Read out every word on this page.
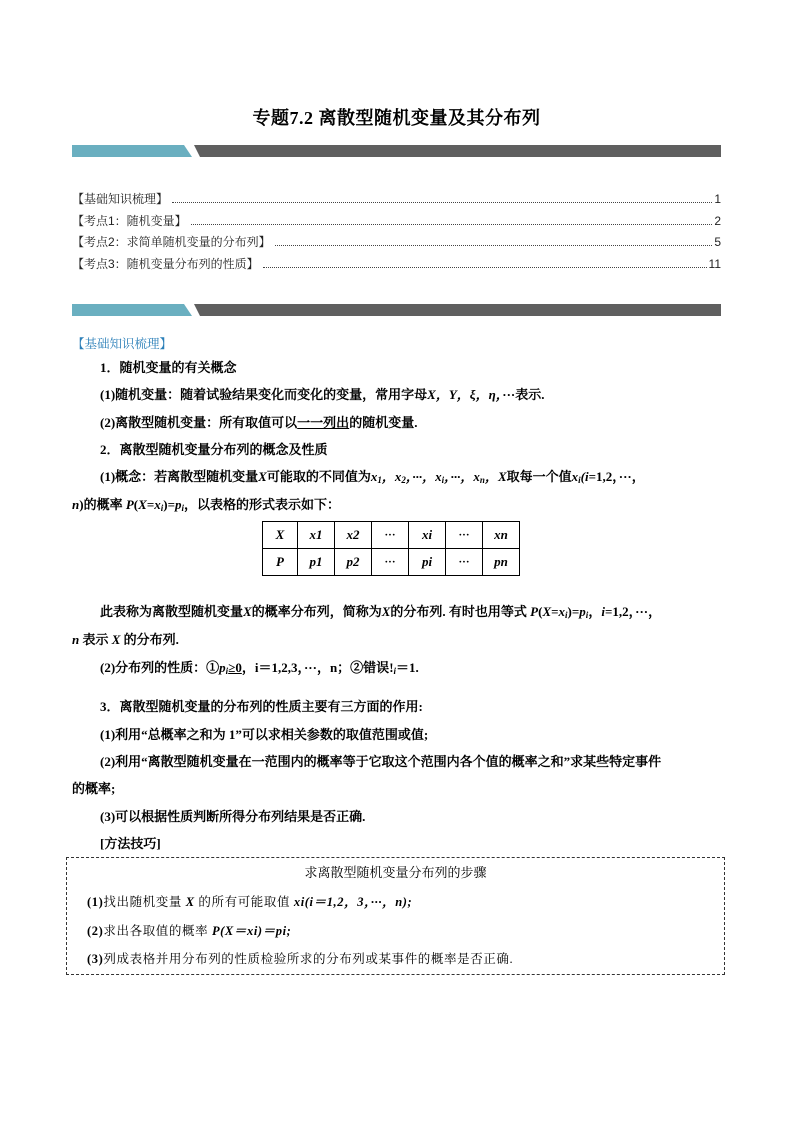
专题7.2 离散型随机变量及其分布列
【基础知识梳理】	1
【考点1：随机变量】	2
【考点2：求简单随机变量的分布列】	5
【考点3：随机变量分布列的性质】	11
【基础知识梳理】
1．随机变量的有关概念
(1)随机变量：随着试验结果变化而变化的变量，常用字母X，Y，ξ，η，···表示.
(2)离散型随机变量：所有取值可以一一列出的随机变量.
2．离散型随机变量分布列的概念及性质
(1)概念：若离散型随机变量X可能取的不同值为$x_1$，$x_2$，···，$x_i$，···，$x_n$，X取每一个值$x_i(i=1,2$，···，
n)的概率 $P(X=x_i)=p_i$，以表格的形式表示如下：
X	x1	x2	···	xi	···	xn
P	p1	p2	···	pi	···	pn
此表称为离散型随机变量X的概率分布列，简称为X的分布列. 有时也用等式 $P(X=x_i)=p_i$，i=1,2，···，
n 表示 X 的分布列.
(2)分布列的性质：$①p_i\ge 0$，i＝1,2,3，···，n；②错误$!_i=1$.
3．离散型随机变量的分布列的性质主要有三方面的作用:
(1)利用“总概率之和为 1”可以求相关参数的取值范围或值;
(2)利用“离散型随机变量在一范围内的概率等于它取这个范围内各个值的概率之和”求某些特定事件
的概率;
(3)可以根据性质判断所得分布列结果是否正确.
[方法技巧]
求离散型随机变量分布列的步骤
(1)找出随机变量 X 的所有可能取值 xi(i＝1,2，3，···，n);
(2)求出各取值的概率 P(X＝xi)＝pi;
(3)列成表格并用分布列的性质检验所求的分布列或某事件的概率是否正确.
